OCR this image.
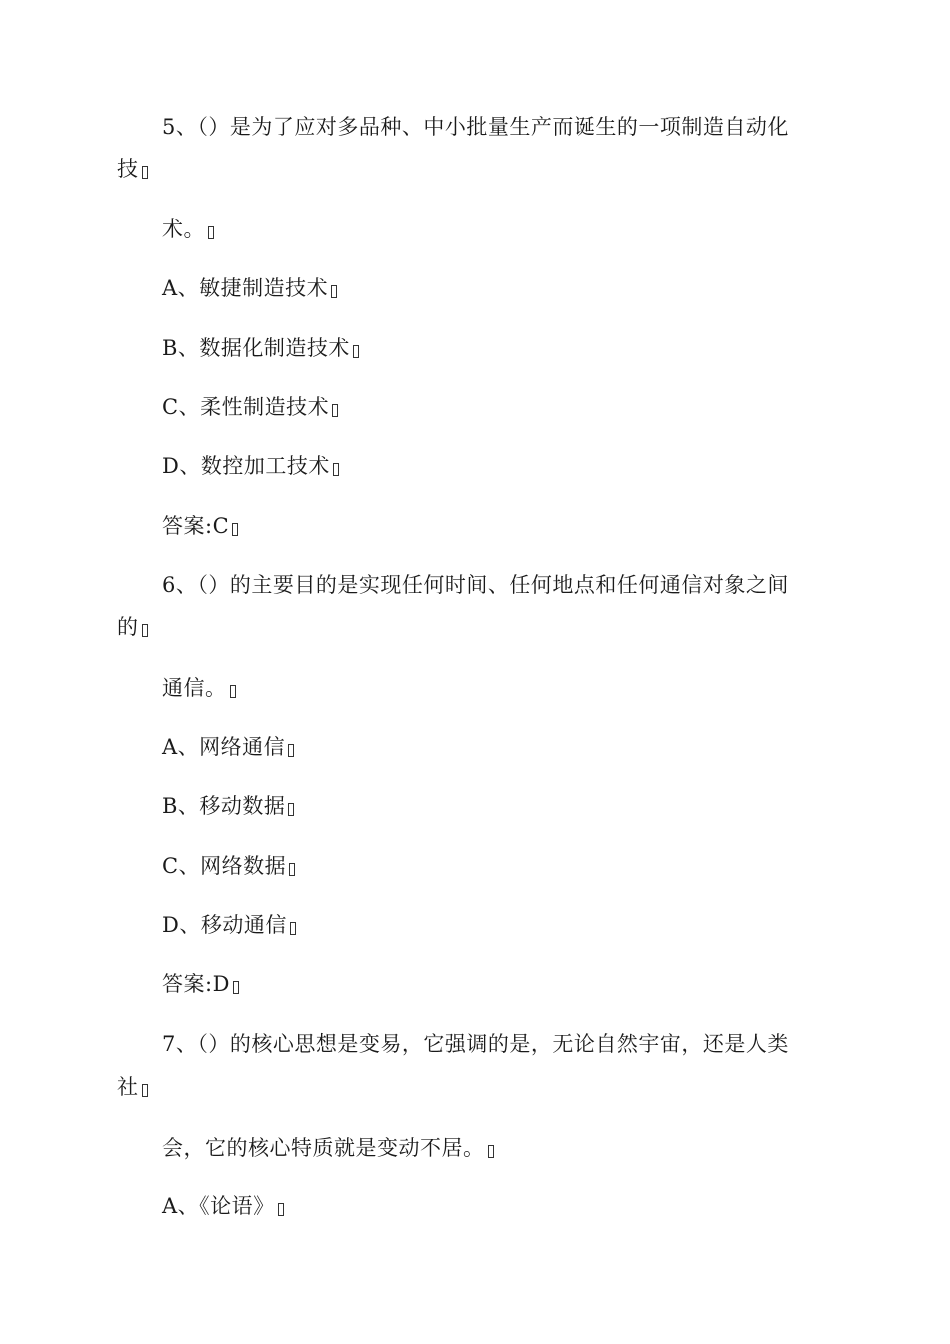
5、（）是为了应对多品种、中小批量生产而诞生的一项制造自动化
技
术。
A、敏捷制造技术
B、数据化制造技术
C、柔性制造技术
D、数控加工技术
答案:C
6、（）的主要目的是实现任何时间、任何地点和任何通信对象之间
的
通信。
A、网络通信
B、移动数据
C、网络数据
D、移动通信
答案:D
7、（）的核心思想是变易，它强调的是，无论自然宇宙，还是人类
社
会，它的核心特质就是变动不居。
A、《论语》
